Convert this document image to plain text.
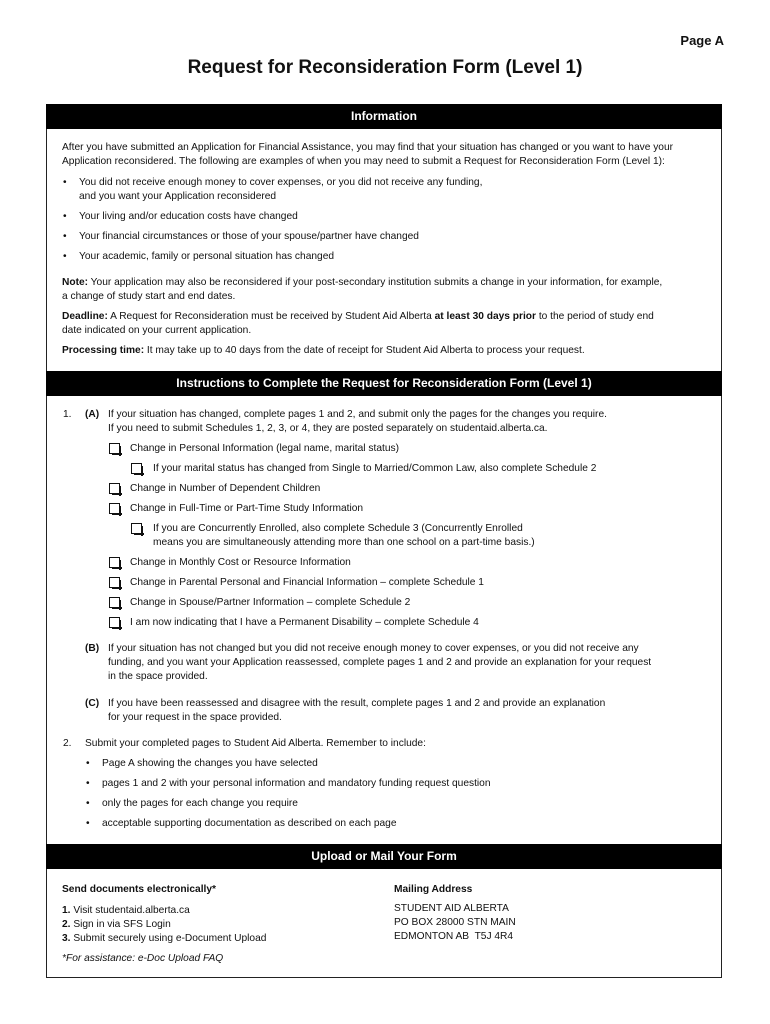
Page A
Request for Reconsideration Form (Level 1)
Information
After you have submitted an Application for Financial Assistance, you may find that your situation has changed or you want to have your
Application reconsidered. The following are examples of when you may need to submit a Request for Reconsideration Form (Level 1):
• You did not receive enough money to cover expenses, or you did not receive any funding,
and you want your Application reconsidered
• Your living and/or education costs have changed
• Your financial circumstances or those of your spouse/partner have changed
• Your academic, family or personal situation has changed
Note: Your application may also be reconsidered if your post-secondary institution submits a change in your information, for example,
a change of study start and end dates.
Deadline: A Request for Reconsideration must be received by Student Aid Alberta at least 30 days prior to the period of study end
date indicated on your current application.
Processing time: It may take up to 40 days from the date of receipt for Student Aid Alberta to process your request.
Instructions to Complete the Request for Reconsideration Form (Level 1)
1. (A) If your situation has changed, complete pages 1 and 2, and submit only the pages for the changes you require.
If you need to submit Schedules 1, 2, 3, or 4, they are posted separately on studentaid.alberta.ca.
Change in Personal Information (legal name, marital status)
If your marital status has changed from Single to Married/Common Law, also complete Schedule 2
Change in Number of Dependent Children
Change in Full-Time or Part-Time Study Information
If you are Concurrently Enrolled, also complete Schedule 3 (Concurrently Enrolled
means you are simultaneously attending more than one school on a part-time basis.)
Change in Monthly Cost or Resource Information
Change in Parental Personal and Financial Information – complete Schedule 1
Change in Spouse/Partner Information – complete Schedule 2
I am now indicating that I have a Permanent Disability – complete Schedule 4
(B) If your situation has not changed but you did not receive enough money to cover expenses, or you did not receive any
funding, and you want your Application reassessed, complete pages 1 and 2 and provide an explanation for your request
in the space provided.
(C) If you have been reassessed and disagree with the result, complete pages 1 and 2 and provide an explanation
for your request in the space provided.
2. Submit your completed pages to Student Aid Alberta. Remember to include:
• Page A showing the changes you have selected
• pages 1 and 2 with your personal information and mandatory funding request question
• only the pages for each change you require
• acceptable supporting documentation as described on each page
Upload or Mail Your Form
Send documents electronically*
1. Visit studentaid.alberta.ca
2. Sign in via SFS Login
3. Submit securely using e-Document Upload
*For assistance: e-Doc Upload FAQ
Mailing Address
STUDENT AID ALBERTA
PO BOX 28000 STN MAIN
EDMONTON AB  T5J 4R4
